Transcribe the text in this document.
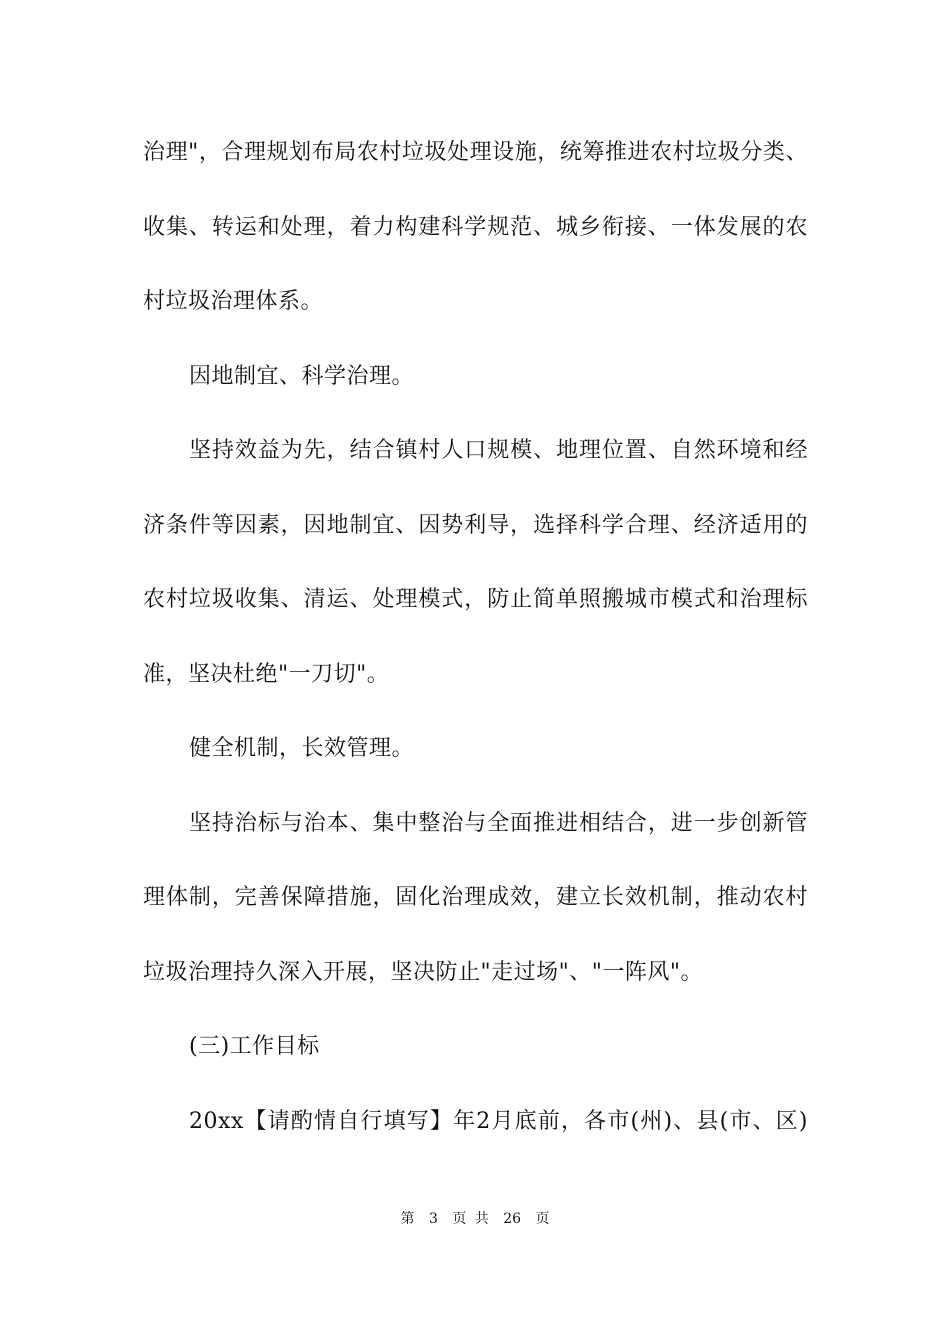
治理"，合理规划布局农村垃圾处理设施，统筹推进农村垃圾分类、
收集、转运和处理，着力构建科学规范、城乡衔接、一体发展的农
村垃圾治理体系。
因地制宜、科学治理。
坚持效益为先，结合镇村人口规模、地理位置、自然环境和经
济条件等因素，因地制宜、因势利导，选择科学合理、经济适用的
农村垃圾收集、清运、处理模式，防止简单照搬城市模式和治理标
准，坚决杜绝"一刀切"。
健全机制，长效管理。
坚持治标与治本、集中整治与全面推进相结合，进一步创新管
理体制，完善保障措施，固化治理成效，建立长效机制，推动农村
垃圾治理持久深入开展，坚决防止"走过场"、"一阵风"。
(三)工作目标
20xx【请酌情自行填写】年2月底前，各市(州)、县(市、区)
第 3 页 共 26 页
